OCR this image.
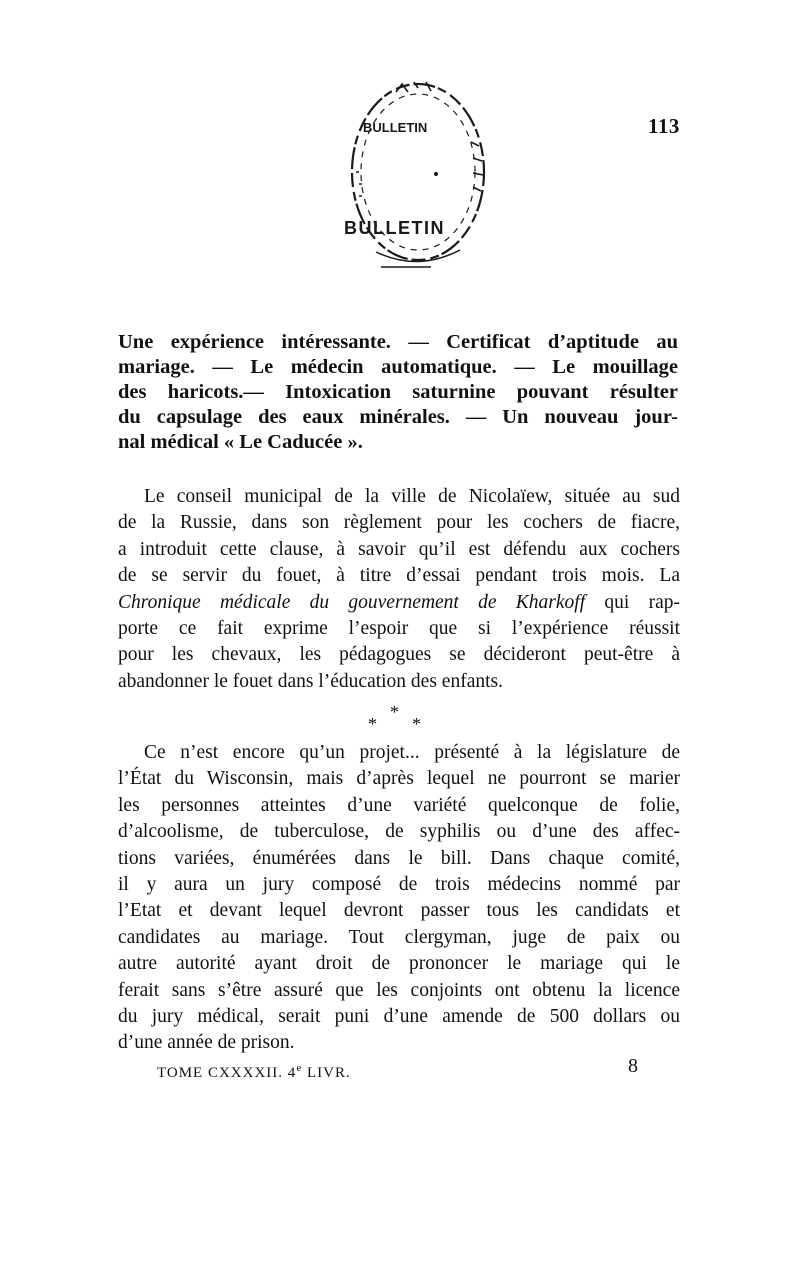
113
BULLETIN
BULLETIN
Une expérience intéressante. — Certificat d’aptitude au
mariage. — Le médecin automatique. — Le mouillage
des haricots.— Intoxication saturnine pouvant résulter
du capsulage des eaux minérales. — Un nouveau jour-
nal médical « Le Caducée ».
Le conseil municipal de la ville de Nicolaïew, située au sud
de la Russie, dans son règlement pour les cochers de fiacre,
a introduit cette clause, à savoir qu’il est défendu aux cochers
de se servir du fouet, à titre d’essai pendant trois mois. La
Chronique médicale du gouvernement de Kharkoff qui rap-
porte ce fait exprime l’espoir que si l’expérience réussit
pour les chevaux, les pédagogues se décideront peut-être à
abandonner le fouet dans l’éducation des enfants.
*
* *
Ce n’est encore qu’un projet... présenté à la législature de
l’État du Wisconsin, mais d’après lequel ne pourront se marier
les personnes atteintes d’une variété quelconque de folie,
d’alcoolisme, de tuberculose, de syphilis ou d’une des affec-
tions variées, énumérées dans le bill. Dans chaque comité,
il y aura un jury composé de trois médecins nommé par
l’Etat et devant lequel devront passer tous les candidats et
candidates au mariage. Tout clergyman, juge de paix ou
autre autorité ayant droit de prononcer le mariage qui le
ferait sans s’être assuré que les conjoints ont obtenu la licence
du jury médical, serait puni d’une amende de 500 dollars ou
d’une année de prison.
TOME CXXXXII. 4e LIVR.	8
